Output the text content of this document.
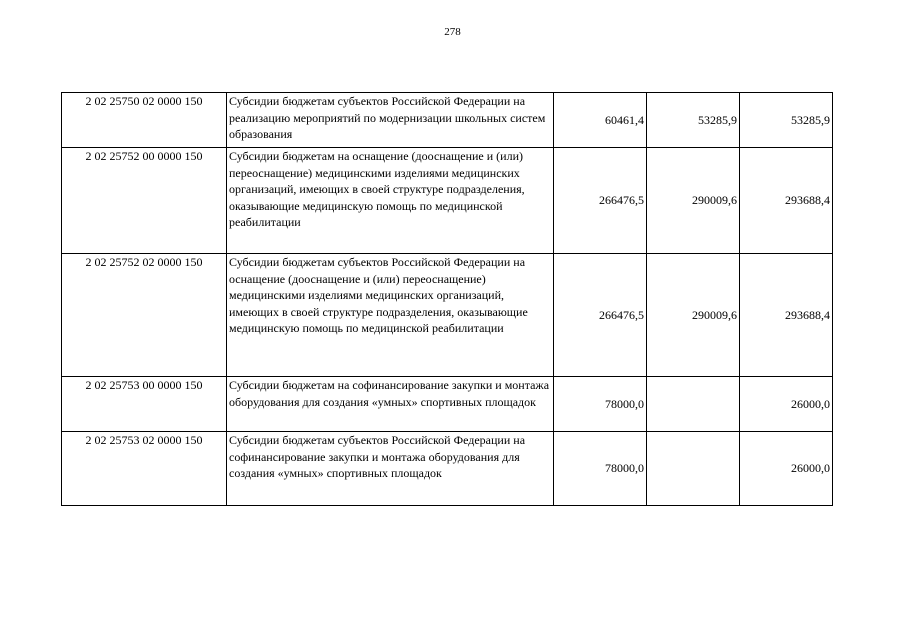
278
2 02 25750 02 0000 150	Субсидии бюджетам субъектов Российской Федерации на реализацию мероприятий по модернизации школьных систем образования	60461,4	53285,9	53285,9
2 02 25752 00 0000 150	Субсидии бюджетам на оснащение (дооснащение и (или) переоснащение) медицинскими изделиями медицинских организаций, имеющих в своей структуре подразделения, оказывающие медицинскую помощь по медицинской реабилитации	266476,5	290009,6	293688,4
2 02 25752 02 0000 150	Субсидии бюджетам субъектов Российской Федерации на оснащение (дооснащение и (или) переоснащение) медицинскими изделиями медицинских организаций, имеющих в своей структуре подразделения, оказывающие медицинскую помощь по медицинской реабилитации	266476,5	290009,6	293688,4
2 02 25753 00 0000 150	Субсидии бюджетам на софинансирование закупки и монтажа оборудования для создания «умных» спортивных площадок	78000,0		26000,0
2 02 25753 02 0000 150	Субсидии бюджетам субъектов Российской Федерации на софинансирование закупки и монтажа оборудования для создания «умных» спортивных площадок	78000,0		26000,0
